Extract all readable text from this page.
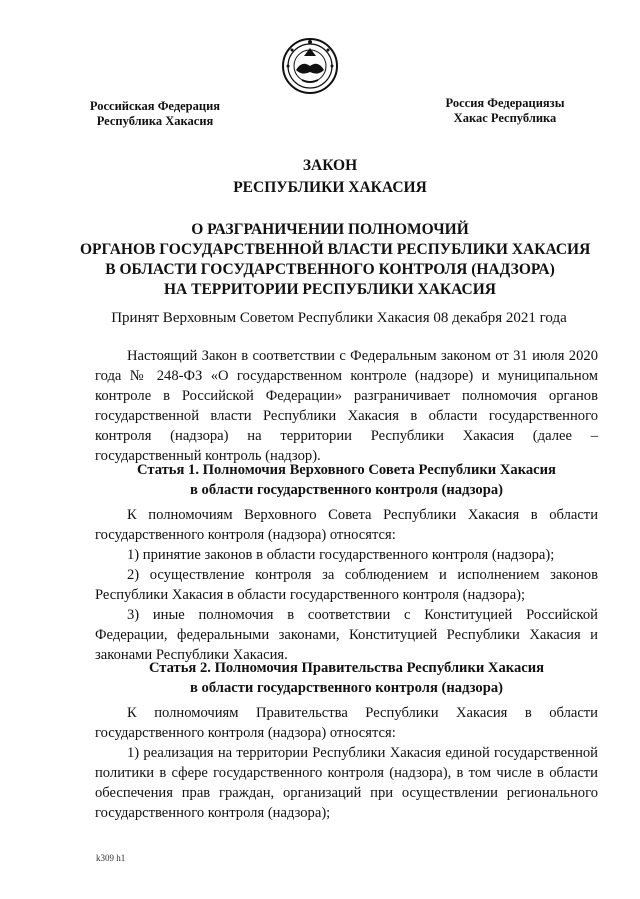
Российская Федерация
Республика Хакасия
Россия Федерациязы
Хакас Республика
ЗАКОН
РЕСПУБЛИКИ ХАКАСИЯ
О РАЗГРАНИЧЕНИИ ПОЛНОМОЧИЙ
ОРГАНОВ ГОСУДАРСТВЕННОЙ ВЛАСТИ РЕСПУБЛИКИ ХАКАСИЯ
В ОБЛАСТИ ГОСУДАРСТВЕННОГО КОНТРОЛЯ (НАДЗОРА)
НА ТЕРРИТОРИИ РЕСПУБЛИКИ ХАКАСИЯ
Принят Верховным Советом Республики Хакасия 08 декабря 2021 года

Настоящий Закон в соответствии с Федеральным законом от 31 июля 2020 года № 248-ФЗ «О государственном контроле (надзоре) и муниципальном контроле в Российской Федерации» разграничивает полномочия органов государственной власти Республики Хакасия в области государственного контроля (надзора) на территории Республики Хакасия (далее – государственный контроль (надзор).

Статья 1. Полномочия Верховного Совета Республики Хакасия
в области государственного контроля (надзора)

К полномочиям Верховного Совета Республики Хакасия в области государственного контроля (надзора) относятся:

1) принятие законов в области государственного контроля (надзора);

2) осуществление контроля за соблюдением и исполнением законов Республики Хакасия в области государственного контроля (надзора);

3) иные полномочия в соответствии с Конституцией Российской Федерации, федеральными законами, Конституцией Республики Хакасия и законами Республики Хакасия.

Статья 2. Полномочия Правительства Республики Хакасия
в области государственного контроля (надзора)

К полномочиям Правительства Республики Хакасия в области государственного контроля (надзора) относятся:

1) реализация на территории Республики Хакасия единой государственной политики в сфере государственного контроля (надзора), в том числе в области обеспечения прав граждан, организаций при осуществлении регионального государственного контроля (надзора);

k309 h1
